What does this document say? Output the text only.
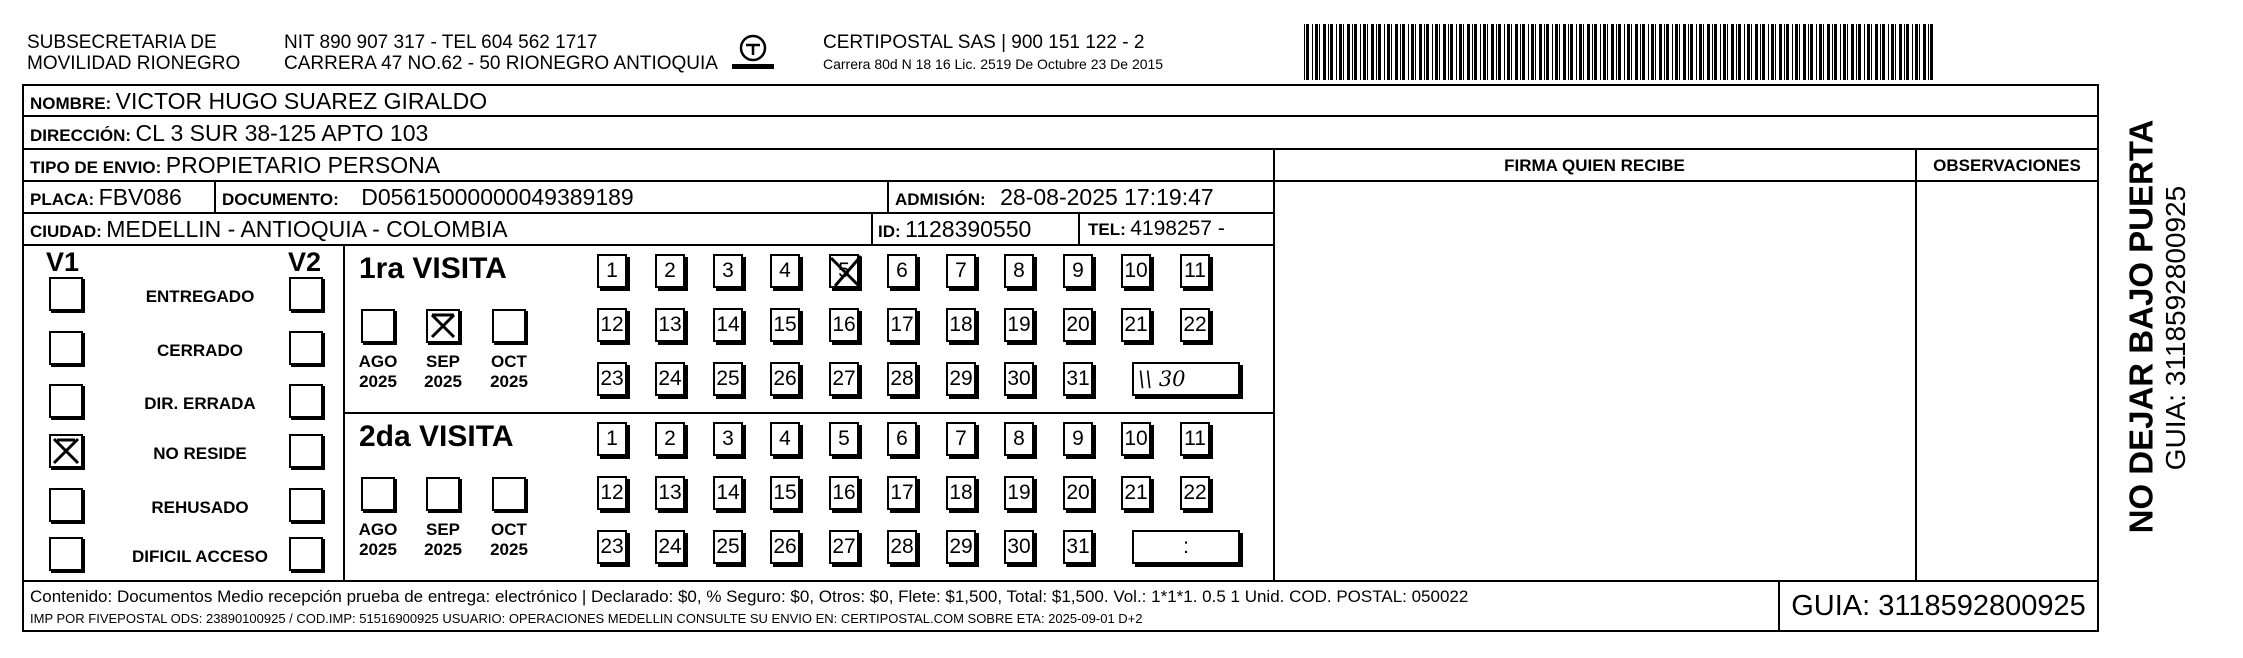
SUBSECRETARIA DE
MOVILIDAD RIONEGRO
NIT 890 907 317 - TEL 604 562 1717
CARRERA 47 NO.62 - 50 RIONEGRO ANTIOQUIA
CERTIPOSTAL SAS | 900 151 122 - 2
Carrera 80d N 18 16 Lic. 2519 De Octubre 23 De 2015
NOMBRE: VICTOR HUGO SUAREZ GIRALDO
DIRECCIÓN: CL 3 SUR 38-125 APTO 103
TIPO DE ENVIO: PROPIETARIO PERSONA
PLACA: FBV086 DOCUMENTO: D05615000000049389189	ADMISIÓN: 28-08-2025 17:19:47
CIUDAD: MEDELLIN - ANTIOQUIA - COLOMBIA	ID: 1128390550	TEL: 4198257 -
FIRMA QUIEN RECIBE	OBSERVACIONES
V1	V2
ENTREGADO
CERRADO
DIR. ERRADA
NO RESIDE
REHUSADO
DIFICIL ACCESO
1ra VISITA
AGO
2025
SEP
2025
OCT
2025
1	2	3	4	5	6	7	8	9	10 11
12 13 14 15 16 17 18 19 20 21 22
23 24 25 26 27 28 29 30 31 \\ 30
2da VISITA
AGO
2025
SEP
2025
OCT
2025
1	2	3	4	5	6	7	8	9	10 11
12 13 14 15 16 17 18 19 20 21 22
23 24 25 26 27 28 29 30 31	:
Contenido: Documentos Medio recepción prueba de entrega: electrónico | Declarado: $0, % Seguro: $0, Otros: $0, Flete: $1,500, Total: $1,500. Vol.: 1*1*1. 0.5 1 Unid. COD. POSTAL: 050022
IMP POR FIVEPOSTAL ODS: 23890100925 / COD.IMP: 51516900925 USUARIO: OPERACIONES MEDELLIN CONSULTE SU ENVIO EN: CERTIPOSTAL.COM SOBRE ETA: 2025-09-01 D+2	GUIA: 3118592800925
NO DEJAR BAJO PUERTA GUIA: 3118592800925
